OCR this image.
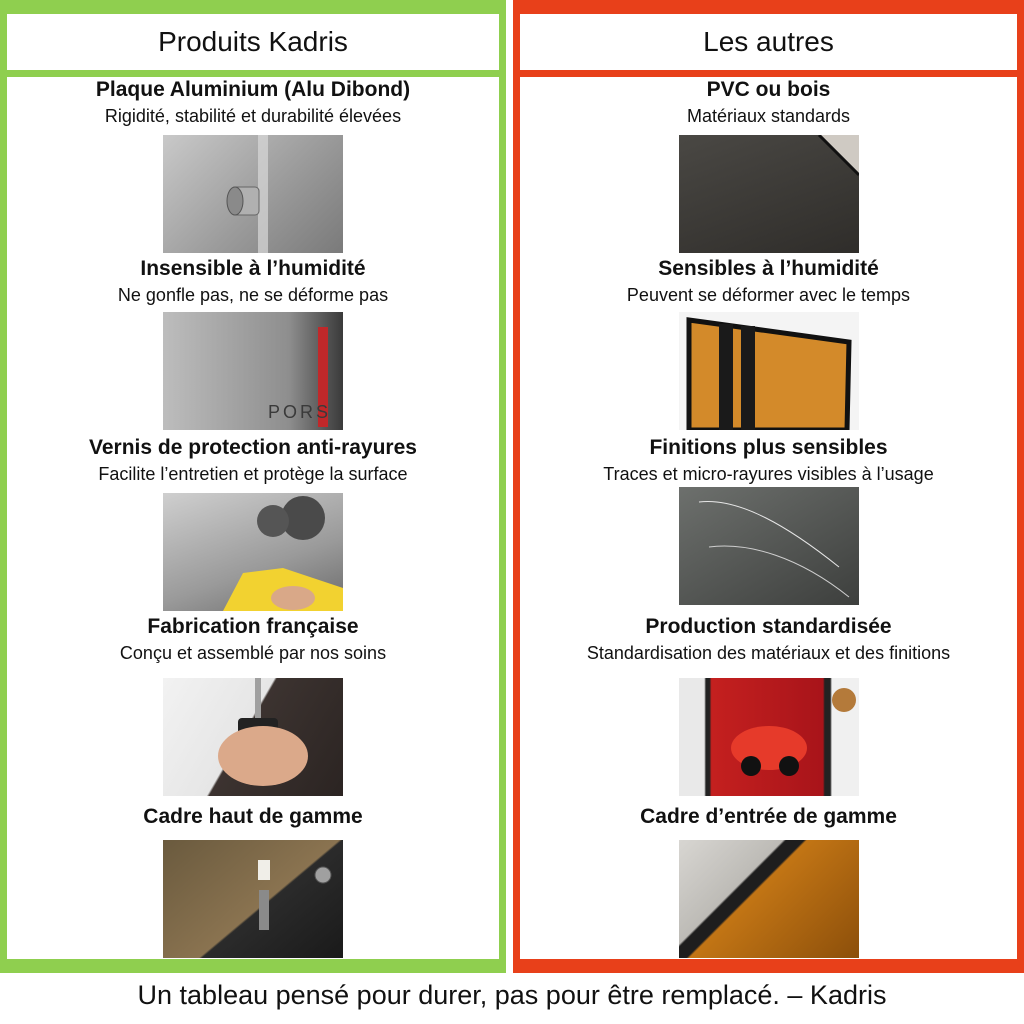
Produits Kadris
Plaque Aluminium (Alu Dibond)
Rigidité, stabilité et durabilité élevées
Insensible à l’humidité
Ne gonfle pas, ne se déforme pas
PORS
Vernis de protection anti-rayures
Facilite l’entretien et protège la surface
Fabrication française
Conçu et assemblé par nos soins
Cadre haut de gamme
Les autres
PVC ou bois
Matériaux standards
Sensibles à l’humidité
Peuvent se déformer avec le temps
Finitions plus sensibles
Traces et micro-rayures visibles à l’usage
Production standardisée
Standardisation des matériaux et des finitions
Cadre d’entrée de gamme
Un tableau pensé pour durer, pas pour être remplacé. – Kadris
